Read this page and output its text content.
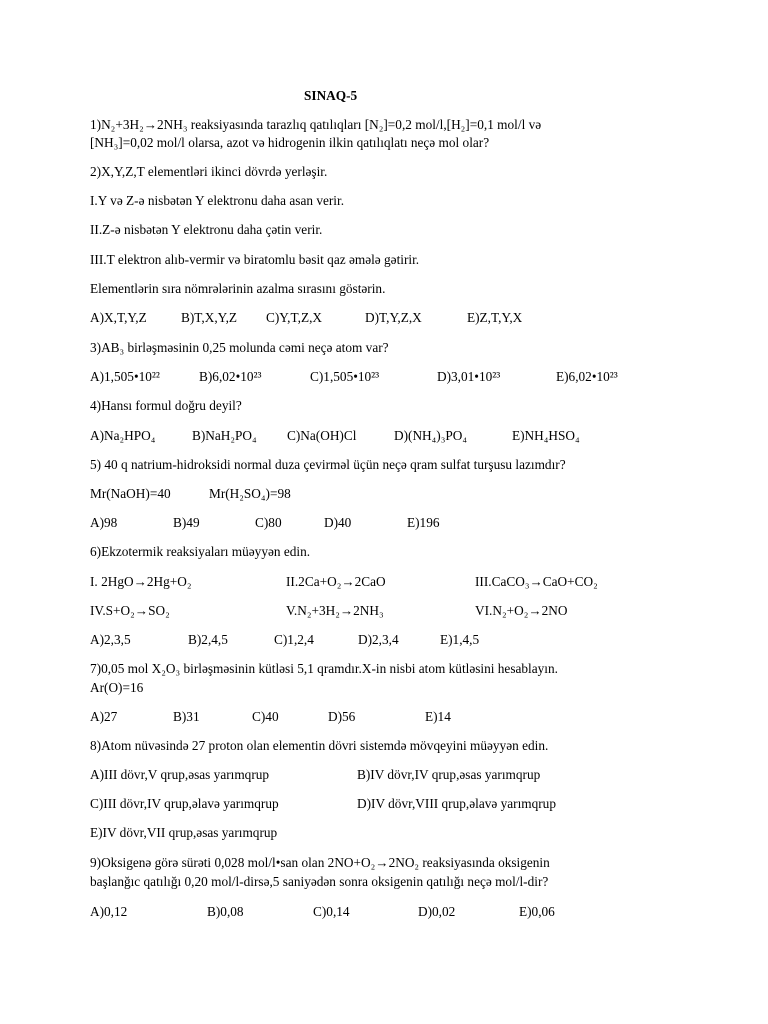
SINAQ-5
1)N₂+3H₂→2NH₃ reaksiyasında tarazlıq qatılıqları [N₂]=0,2 mol/l,[H₂]=0,1 mol/l və
[NH₃]=0,02 mol/l olarsa, azot və hidrogenin ilkin qatılıqlatı neçə mol olar?
2)X,Y,Z,T elementləri ikinci dövrdə yerləşir.
I.Y və Z-ə nisbətən Y elektronu daha asan verir.
II.Z-ə nisbətən Y elektronu daha çətin verir.
III.T elektron alıb-vermir və biratomlu bəsit qaz əmələ gətirir.
Elementlərin sıra nömrələrinin azalma sırasını göstərin.
A)X,T,Y,Z	B)T,X,Y,Z C)Y,T,Z,X	D)T,Y,Z,X	E)Z,T,Y,X
3)AB₃ birləşməsinin 0,25 molunda cəmi neçə atom var?
A)1,505•10²²	B)6,02•10²³	C)1,505•10²³	D)3,01•10²³	E)6,02•10²³
4)Hansı formul doğru deyil?
A)Na₂HPO₄	B)NaH₂PO₄ C)Na(OH)Cl	D)(NH₄)₃PO₄	E)NH₄HSO₄
5) 40 q natrium-hidroksidi normal duza çevirməl üçün neçə qram sulfat turşusu lazımdır?
Mr(NaOH)=40	Mr(H₂SO₄)=98
A)98	B)49	C)80	D)40	E)196
6)Ekzotermik reaksiyaları müəyyən edin.
I. 2HgO→2Hg+O₂	II.2Ca+O₂→2CaO	III.CaCO₃→CaO+CO₂
IV.S+O₂→SO₂	V.N₂+3H₂→2NH₃	VI.N₂+O₂→2NO
A)2,3,5	B)2,4,5	C)1,2,4	D)2,3,4	E)1,4,5
7)0,05 mol X₂O₃ birləşməsinin kütləsi 5,1 qramdır.X-in nisbi atom kütləsini hesablayın.
Ar(O)=16
A)27	B)31	C)40	D)56	E)14
8)Atom nüvəsində 27 proton olan elementin dövri sistemdə mövqeyini müəyyən edin.
A)III dövr,V qrup,əsas yarımqrup	B)IV dövr,IV qrup,əsas yarımqrup
C)III dövr,IV qrup,əlavə yarımqrup	D)IV dövr,VIII qrup,əlavə yarımqrup
E)IV dövr,VII qrup,əsas yarımqrup
9)Oksigenə görə sürəti 0,028 mol/l•san olan 2NO+O₂→2NO₂ reaksiyasında oksigenin
başlanğıc qatılığı 0,20 mol/l-dirsə,5 saniyədən sonra oksigenin qatılığı neçə mol/l-dir?
A)0,12	B)0,08	C)0,14	D)0,02	E)0,06
